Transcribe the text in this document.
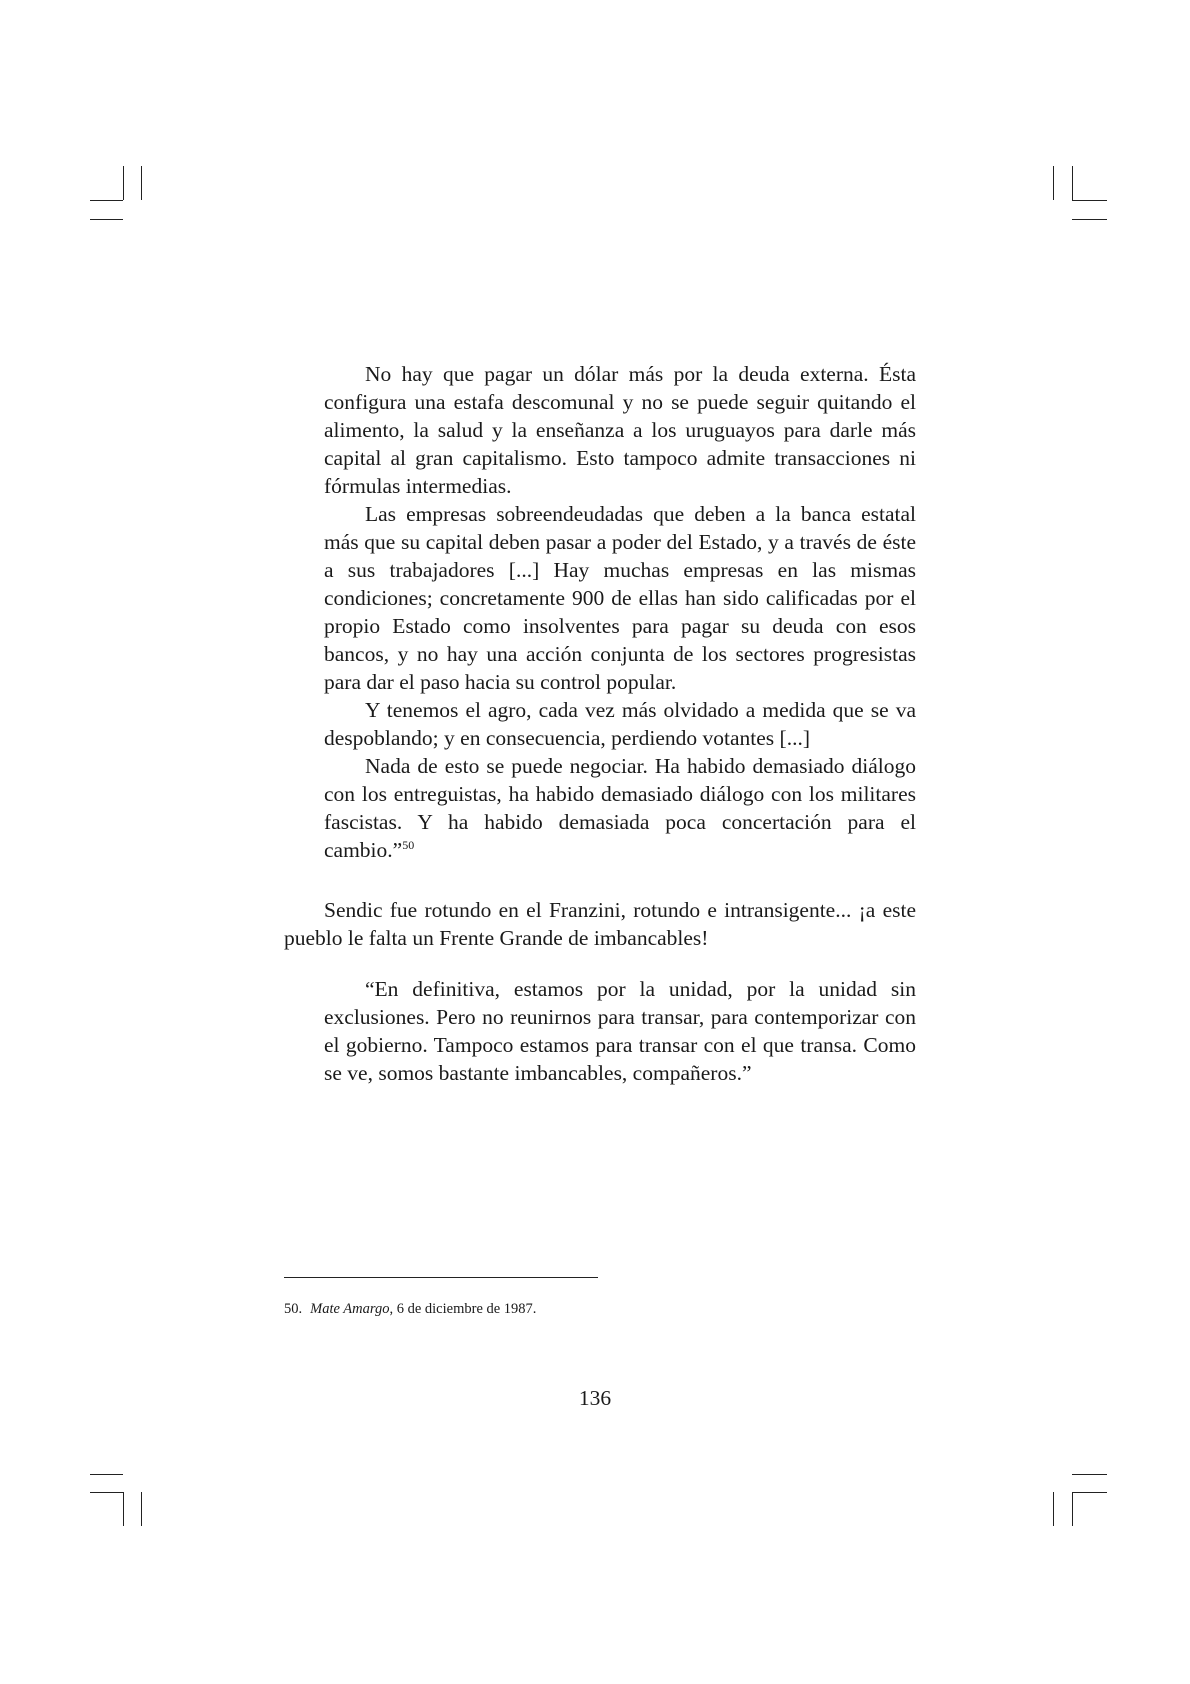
No hay que pagar un dólar más por la deuda externa. Ésta configura una estafa descomunal y no se puede seguir quitando el alimento, la salud y la enseñanza a los uruguayos para darle más capital al gran capitalismo. Esto tampoco admite transacciones ni fórmulas intermedias.

Las empresas sobreendeudadas que deben a la banca estatal más que su capital deben pasar a poder del Estado, y a través de éste a sus trabajadores [...] Hay muchas empresas en las mismas condiciones; concretamente 900 de ellas han sido calificadas por el propio Estado como insolventes para pagar su deuda con esos bancos, y no hay una acción conjunta de los sectores progresistas para dar el paso hacia su control popular.

Y tenemos el agro, cada vez más olvidado a medida que se va despoblando; y en consecuencia, perdiendo votantes [...]

Nada de esto se puede negociar. Ha habido demasiado diálogo con los entreguistas, ha habido demasiado diálogo con los militares fascistas. Y ha habido demasiada poca concertación para el cambio.”$^{50}$

Sendic fue rotundo en el Franzini, rotundo e intransigente... ¡a este pueblo le falta un Frente Grande de imbancables!

“En definitiva, estamos por la unidad, por la unidad sin exclusiones. Pero no reunirnos para transar, para contemporizar con el gobierno. Tampoco estamos para transar con el que transa. Como se ve, somos bastante imbancables, compañeros.”

50. Mate Amargo, 6 de diciembre de 1987.
136
